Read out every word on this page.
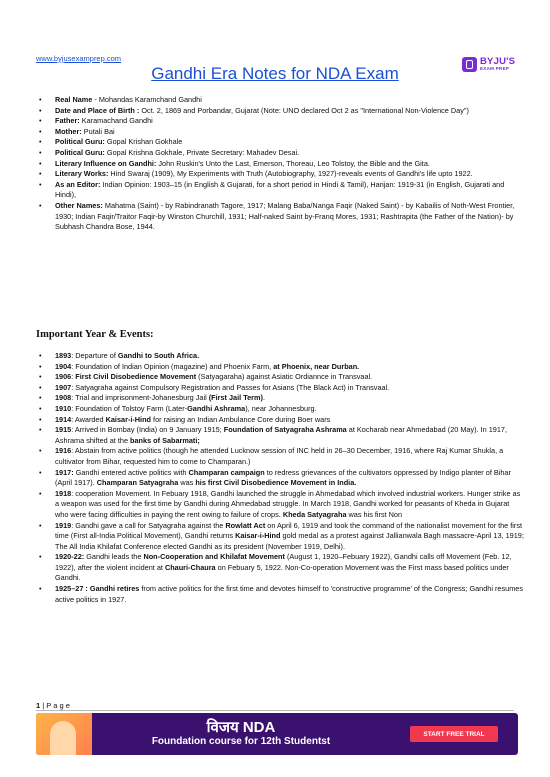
www.byjusexamprep.com	BYJU'S
EXAM PREP
Gandhi Era Notes for NDA Exam
•	Real Name - Mohandas Karamchand Gandhi
•	Date and Place of Birth : Oct. 2, 1869 and Porbandar, Gujarat (Note: UNO declared Oct 2 as "International Non-Violence Day")
•	Father: Karamachand Gandhi
•	Mother: Putali Bai
•	Political Guru: Gopal Krishan Gokhale
•	Political Guru: Gopal Krishna Gokhale, Private Secretary: Mahadev Desai.
•	Literary Influence on Gandhi: John Ruskin's Unto the Last, Emerson, Thoreau, Leo Tolstoy, the Bible and the Gita.
•	Literary Works: Hind Swaraj (1909), My Experiments with Truth (Autobiography, 1927)-reveals events of Gandhi's life upto 1922.
•	As an Editor: Indian Opinion: 1903–15 (in English & Gujarati, for a short period in Hindi & Tamil), Harijan: 1919-31 (in English, Gujarati and Hindi),
•	Other Names: Mahatma (Saint) - by Rabindranath Tagore, 1917; Malang Baba/Nanga Faqir (Naked Saint) - by Kabailis of Noth-West Frontier, 1930; Indian Faqir/Traitor Faqir-by Winston Churchill, 1931; Half-naked Saint by-Franq Mores, 1931; Rashtrapita (the Father of the Nation)- by Subhash Chandra Bose, 1944.
Important Year & Events:
•	1893: Departure of Gandhi to South Africa.
•	1904: Foundation of Indian Opinion (magazine) and Phoenix Farm, at Phoenix, near Durban.
•	1906: First Civil Disobedience Movement (Satyagaraha) against Asiatic Ordiannce in Transvaal.
•	1907: Satyagraha against Compulsory Registration and Passes for Asians (The Black Act) in Transvaal.
•	1908: Trial and imprisonment-Johanesburg Jail (First Jail Term).
•	1910: Foundation of Tolstoy Farm (Later-Gandhi Ashrama), near Johannesburg.
•	1914: Awarded Kaisar-i-Hind for raising an Indian Ambulance Core during Boer wars
•	1915: Arrived in Bombay (India) on 9 January 1915; Foundation of Satyagraha Ashrama at Kocharab near Ahmedabad (20 May). In 1917, Ashrama shifted at the banks of Sabarmati;
•	1916: Abstain from active politics (though he attended Lucknow session of INC held in 26–30 December, 1916, where Raj Kumar Shukla, a cultivator from Bihar, requested him to come to Champaran.)
•	1917: Gandhi entered active politics with Champaran campaign to redress grievances of the cultivators oppressed by Indigo planter of Bihar (April 1917). Champaran Satyagraha was his first Civil Disobedience Movement in India.
•	1918: cooperation Movement. In Febuary 1918, Gandhi launched the struggle in Ahmedabad which involved industrial workers. Hunger strike as a weapon was used for the first time by Gandhi during Ahmedabad struggle. In March 1918, Gandhi worked for peasants of Kheda in Gujarat who were facing difficulties in paying the rent owing to failure of crops. Kheda Satyagraha was his first Non
•	1919: Gandhi gave a call for Satyagraha against the Rowlatt Act on April 6, 1919 and took the command of the nationalist movement for the first time (First all-India Political Movement), Gandhi returns Kaisar-i-Hind gold medal as a protest against Jallianwala Bagh massacre-April 13, 1919; The All India Khilafat Conference elected Gandhi as its president (November 1919, Delhi).
•	1920-22: Gandhi leads the Non-Cooperation and Khilafat Movement (August 1, 1920–Febuary 1922), Gandhi calls off Movement (Feb. 12, 1922), after the violent incident at Chauri-Chaura on Febuary 5, 1922. Non-Co-operation Movement was the First mass based politics under Gandhi.
•	1925–27 : Gandhi retires from active politics for the first time and devotes himself to 'constructive programme' of the Congress; Gandhi resumes active politics in 1927.
1 | P a g e
विजय NDA
Foundation course for 12th Studentst
START FREE TRIAL
